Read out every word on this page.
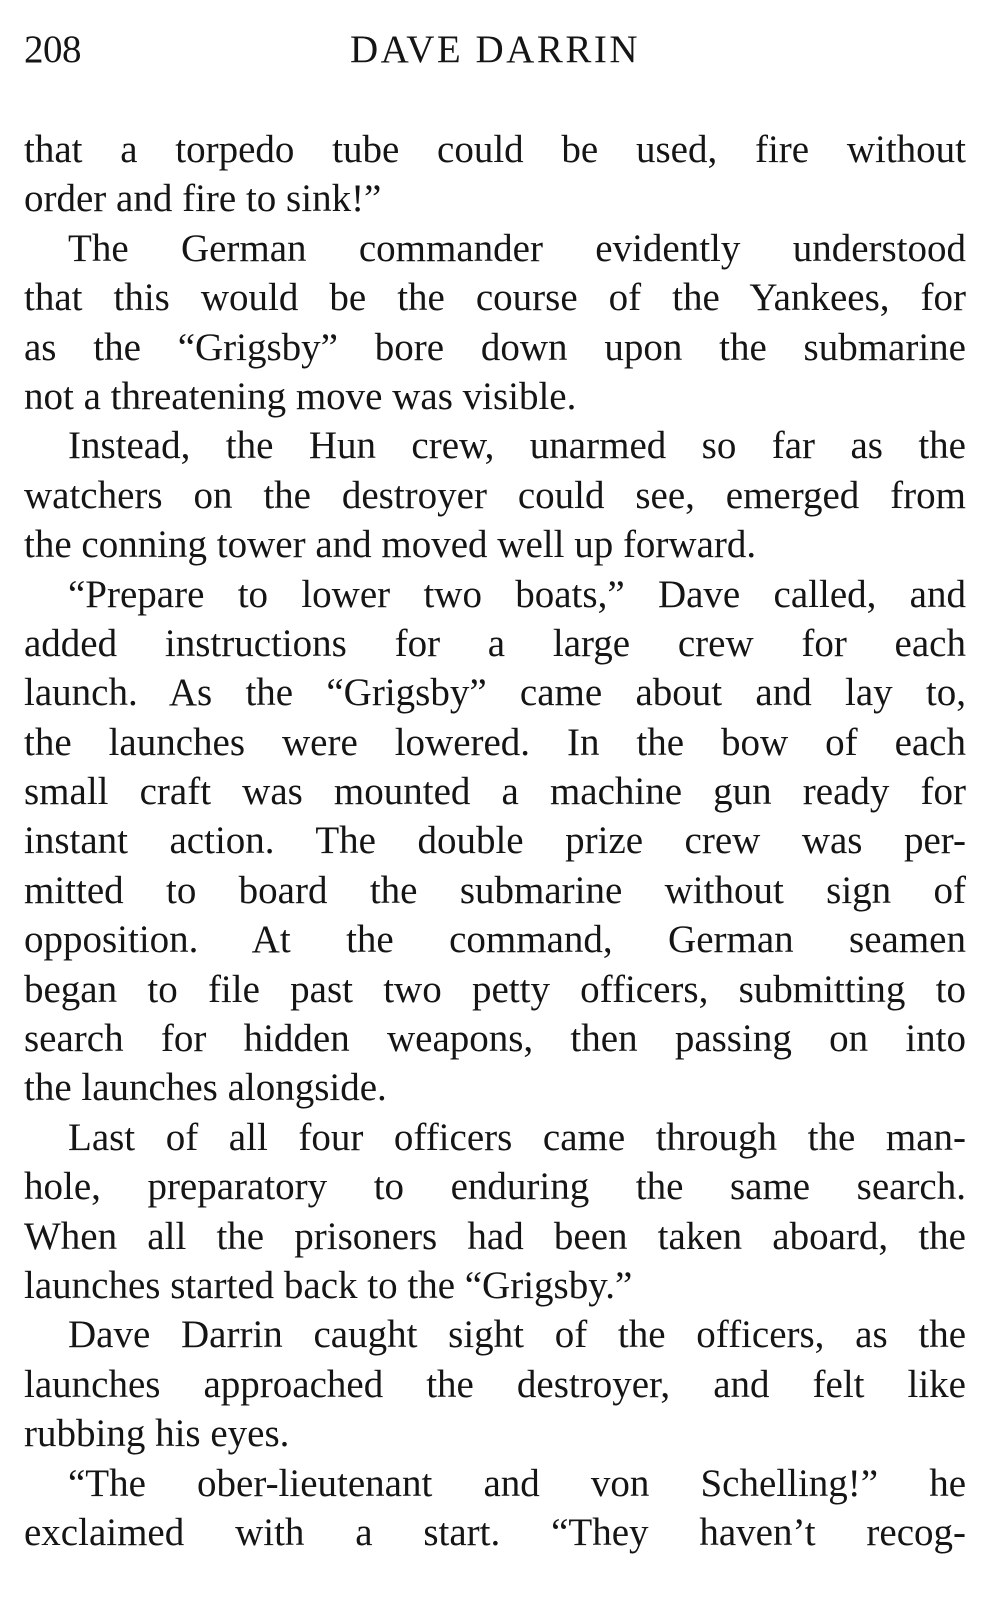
208	DAVE DARRIN
that a torpedo tube could be used, fire without
order and fire to sink!”
The German commander evidently understood
that this would be the course of the Yankees, for
as the “Grigsby” bore down upon the submarine
not a threatening move was visible.
Instead, the Hun crew, unarmed so far as the
watchers on the destroyer could see, emerged from
the conning tower and moved well up forward.
“Prepare to lower two boats,” Dave called, and
added instructions for a large crew for each
launch. As the “Grigsby” came about and lay to,
the launches were lowered. In the bow of each
small craft was mounted a machine gun ready for
instant action. The double prize crew was per-
mitted to board the submarine without sign of
opposition. At the command, German seamen
began to file past two petty officers, submitting to
search for hidden weapons, then passing on into
the launches alongside.
Last of all four officers came through the man-
hole, preparatory to enduring the same search.
When all the prisoners had been taken aboard, the
launches started back to the “Grigsby.”
Dave Darrin caught sight of the officers, as the
launches approached the destroyer, and felt like
rubbing his eyes.
“The ober-lieutenant and von Schelling!” he
exclaimed with a start. “They haven’t recog-
